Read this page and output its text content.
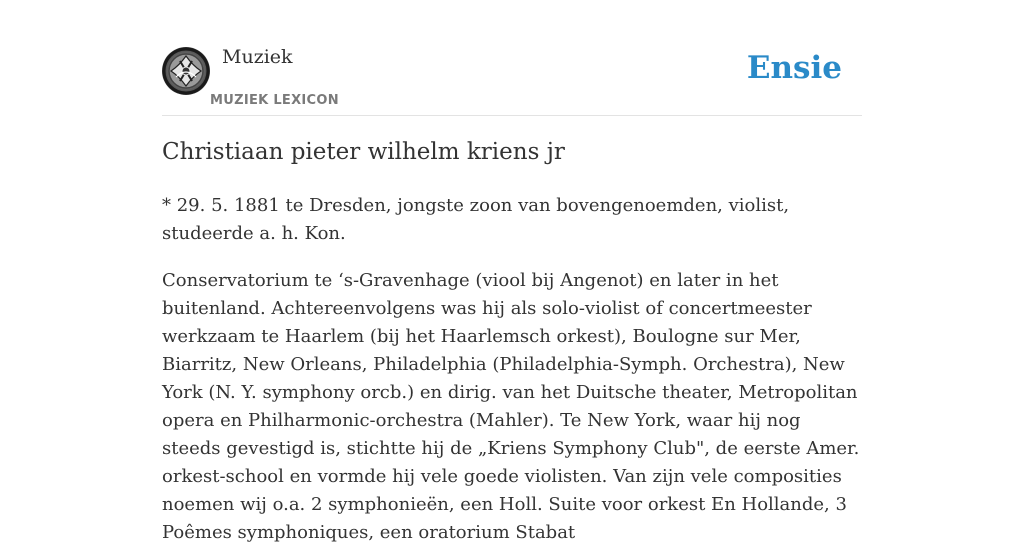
Muziek
MUZIEK LEXICON
Ensie
Christiaan pieter wilhelm kriens jr

* 29. 5. 1881 te Dresden, jongste zoon van bovengenoemden, violist, studeerde a. h. Kon.

Conservatorium te ‘s-Gravenhage (viool bij Angenot) en later in het buitenland. Achtereenvolgens was hij als solo-violist of concertmeester werkzaam te Haarlem (bij het Haarlemsch orkest), Boulogne sur Mer, Biarritz, New Orleans, Philadelphia (Philadelphia-Symph. Orchestra), New York (N. Y. symphony orcb.) en dirig. van het Duitsche theater, Metropolitan opera en Philharmonic-orchestra (Mahler). Te New York, waar hij nog steeds gevestigd is, stichtte hij de „Kriens Symphony Club", de eerste Amer. orkest-school en vormde hij vele goede violisten. Van zijn vele composities noemen wij o.a. 2 symphonieën, een Holl. Suite voor orkest En Hollande, 3 Poêmes symphoniques, een oratorium Stabat
